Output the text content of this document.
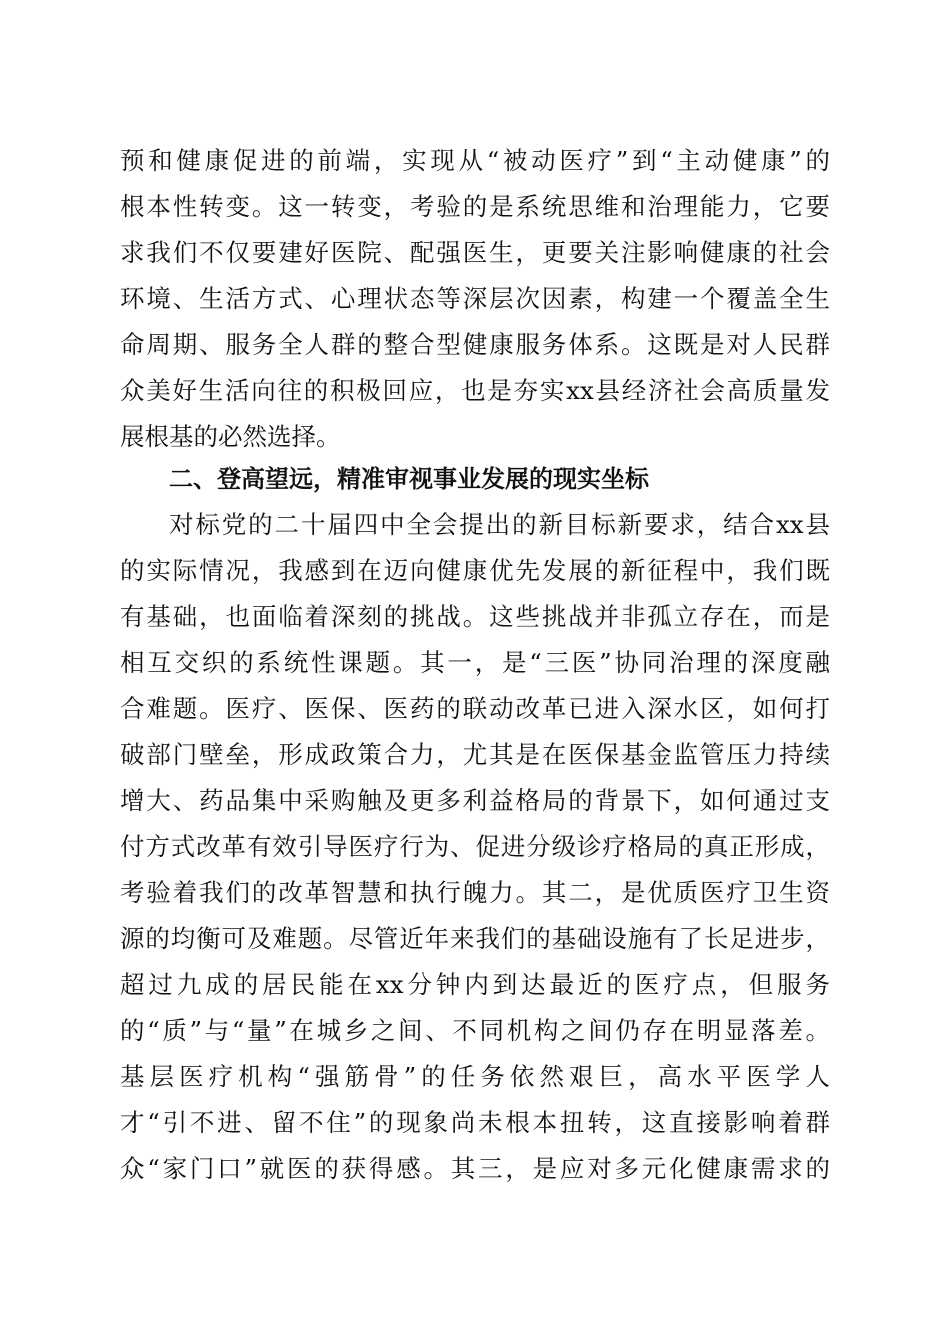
预和健康促进的前端，实现从“被动医疗”到“主动健康”的
根本性转变。这一转变，考验的是系统思维和治理能力，它要
求我们不仅要建好医院、配强医生，更要关注影响健康的社会
环境、生活方式、心理状态等深层次因素，构建一个覆盖全生
命周期、服务全人群的整合型健康服务体系。这既是对人民群
众美好生活向往的积极回应，也是夯实xx县经济社会高质量发
展根基的必然选择。
二、登高望远，精准审视事业发展的现实坐标
对标党的二十届四中全会提出的新目标新要求，结合xx县
的实际情况，我感到在迈向健康优先发展的新征程中，我们既
有基础，也面临着深刻的挑战。这些挑战并非孤立存在，而是
相互交织的系统性课题。其一，是“三医”协同治理的深度融
合难题。医疗、医保、医药的联动改革已进入深水区，如何打
破部门壁垒，形成政策合力，尤其是在医保基金监管压力持续
增大、药品集中采购触及更多利益格局的背景下，如何通过支
付方式改革有效引导医疗行为、促进分级诊疗格局的真正形成，
考验着我们的改革智慧和执行魄力。其二，是优质医疗卫生资
源的均衡可及难题。尽管近年来我们的基础设施有了长足进步，
超过九成的居民能在xx分钟内到达最近的医疗点，但服务
的“质”与“量”在城乡之间、不同机构之间仍存在明显落差。
基层医疗机构“强筋骨”的任务依然艰巨，高水平医学人
才“引不进、留不住”的现象尚未根本扭转，这直接影响着群
众“家门口”就医的获得感。其三，是应对多元化健康需求的
